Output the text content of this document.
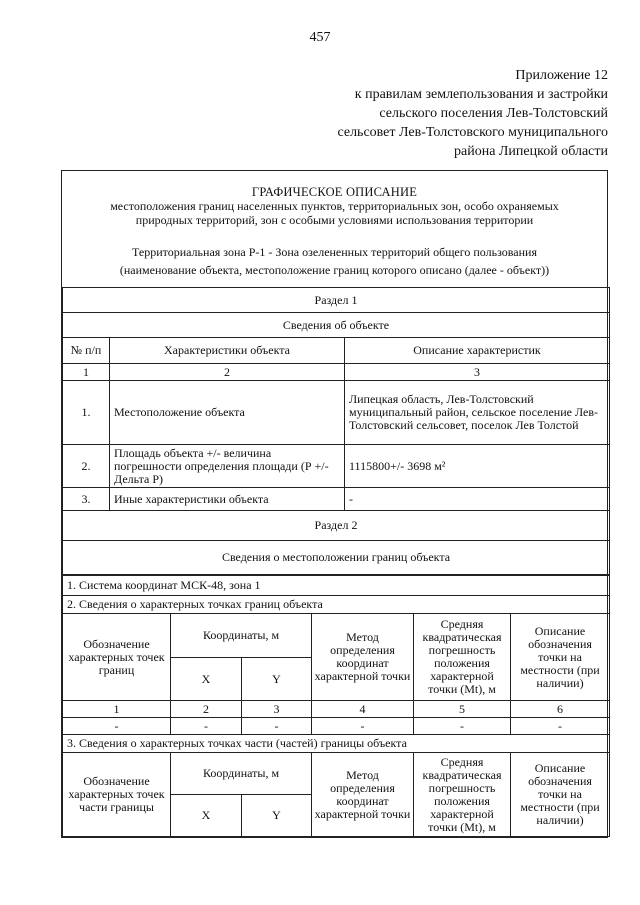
457
Приложение 12
к правилам землепользования и застройки
сельского поселения Лев-Толстовский
сельсовет Лев-Толстовского муниципального
района Липецкой области
ГРАФИЧЕСКОЕ ОПИСАНИЕ
местоположения границ населенных пунктов, территориальных зон, особо охраняемых
природных территорий, зон с особыми условиями использования территории
Территориальная зона Р-1 - Зона озелененных территорий общего пользования
(наименование объекта, местоположение границ которого описано (далее - объект))
Раздел 1		
Сведения об объекте		
№ п/п	Характеристики объекта	Описание характеристик
1	2	3
1.	Местоположение объекта	Липецкая область, Лев-Толстовский муниципальный район, сельское поселение Лев-Толстовский сельсовет, поселок Лев Толстой
2.	Площадь объекта +/- величина погрешности определения площади (Р +/- Дельта Р)	1115800+/- 3698 м²
3.	Иные характеристики объекта	-
Раздел 2		
Сведения о местоположении границ объекта		
1. Система координат МСК-48, зона 1					
2. Сведения о характерных точках границ объекта					
Обозначение характерных точек границ	Координаты, м		Метод определения координат характерной точки	Средняя квадратическая погрешность положения характерной точки (Mt), м	Описание обозначения точки на местности (при наличии)
	X	Y			
1	2	3	4	5	6
-	-	-	-	-	-
3. Сведения о характерных точках части (частей) границы объекта					
Обозначение характерных точек части границы	Координаты, м		Метод определения координат характерной точки	Средняя квадратическая погрешность положения характерной точки (Mt), м	Описание обозначения точки на местности (при наличии)
	X	Y			
